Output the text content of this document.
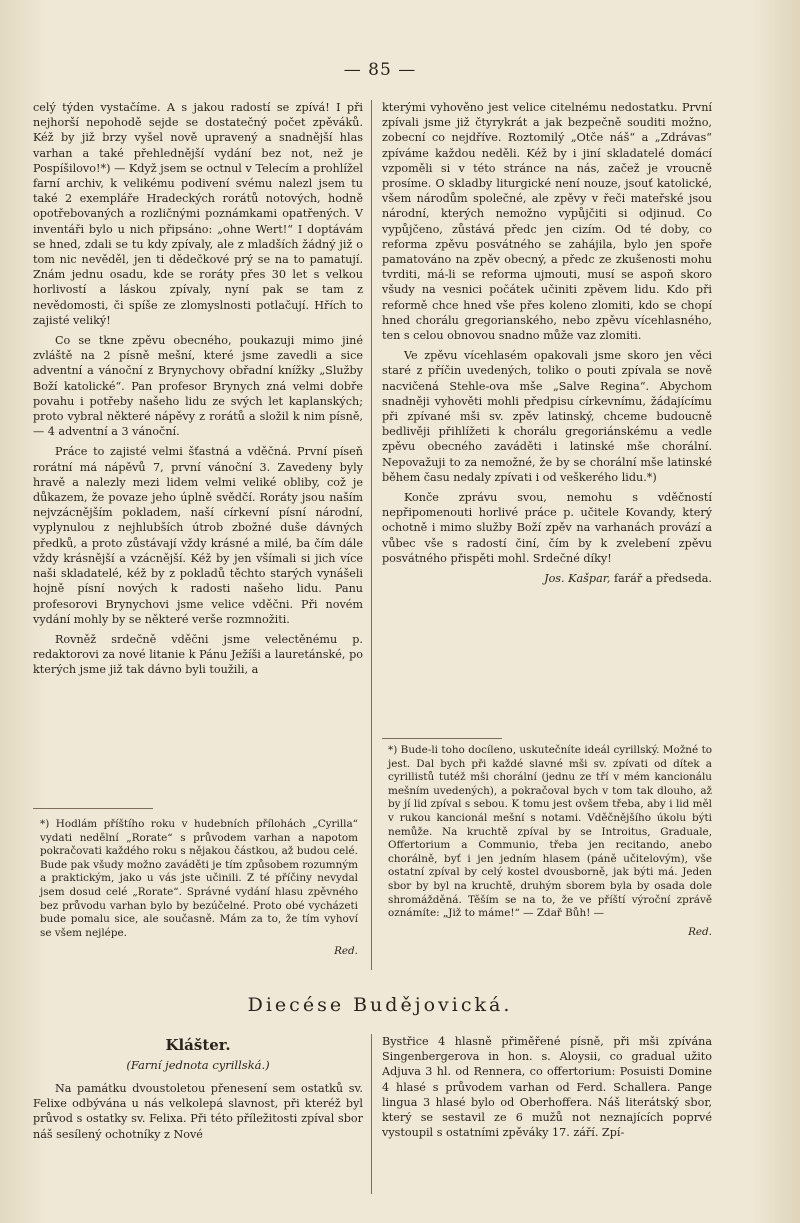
— 85 —

celý týden vystačíme. A s jakou radostí se zpívá! I při nejhorší nepohodě sejde se dostatečný počet zpěváků. Kéž by již brzy vyšel nově upravený a snadnější hlas varhan a také přehlednější vydání bez not, než je Pospíšilovo!*) — Když jsem se octnul v Telecím a prohlížel farní archiv, k velikému podivení svému nalezl jsem tu také 2 exempláře Hradeckých rorátů notových, hodně opotřebovaných a rozličnými poznámkami opatřených. V inventáři bylo u nich připsáno: „ohne Wert!“ I doptávám se hned, zdali se tu kdy zpívaly, ale z mladších žádný již o tom nic nevěděl, jen ti dědečkové prý se na to pamatují. Znám jednu osadu, kde se roráty přes 30 let s velkou horlivostí a láskou zpívaly, nyní pak se tam z nevědomosti, či spíše ze zlomyslnosti potlačují. Hřích to zajisté veliký!

Co se tkne zpěvu obecného, poukazuji mimo jiné zvláště na 2 písně mešní, které jsme zavedli a sice adventní a vánoční z Brynychovy obřadní knížky „Služby Boží katolické“. Pan profesor Brynych zná velmi dobře povahu i potřeby našeho lidu ze svých let kaplanských; proto vybral některé nápěvy z rorátů a složil k nim písně, — 4 adventní a 3 vánoční.

Práce to zajisté velmi šťastná a vděčná. První píseň rorátní má nápěvů 7, první vánoční 3. Zavedeny byly hravě a nalezly mezi lidem velmi veliké obliby, což je důkazem, že povaze jeho úplně svědčí. Roráty jsou naším nejvzácnějším pokladem, naší církevní písní národní, vyplynulou z nejhlubších útrob zbožné duše dávných předků, a proto zůstávají vždy krásné a milé, ba čím dále vždy krásnější a vzácnější. Kéž by jen všímali si jich více naši skladatelé, kéž by z pokladů těchto starých vynášeli hojně písní nových k radosti našeho lidu. Panu profesorovi Brynychovi jsme velice vděčni. Při novém vydání mohly by se některé verše rozmnožiti.

Rovněž srdečně vděčni jsme velectěnému p. redaktorovi za nové litanie k Pánu Ježíši a lauretánské, po kterých jsme již tak dávno byli toužili, a

*) Hodlám příštího roku v hudebních přílohách „Cyrilla“ vydati nedělní „Rorate“ s průvodem varhan a napotom pokračovati každého roku s nějakou částkou, až budou celé. Bude pak všudy možno zaváděti je tím způsobem rozumným a praktickým, jako u vás jste učinili. Z té příčiny nevydal jsem dosud celé „Rorate“. Správné vydání hlasu zpěvného bez průvodu varhan bylo by bezúčelné. Proto obé vycházeti bude pomalu sice, ale současně. Mám za to, že tím vyhoví se všem nejlépe.

Red.

kterými vyhověno jest velice citelnému nedostatku. První zpívali jsme již čtyrykrát a jak bezpečně souditi možno, zobecní co nejdříve. Roztomilý „Otče náš“ a „Zdrávas“ zpíváme každou neděli. Kéž by i jiní skladatelé domácí vzpoměli si v této stránce na nás, začež je vroucně prosíme. O skladby liturgické není nouze, jsouť katolické, všem národům společné, ale zpěvy v řeči mateřské jsou národní, kterých nemožno vypůjčiti si odjinud. Co vypůjčeno, zůstává předc jen cizím. Od té doby, co reforma zpěvu posvátného se zahájila, bylo jen spoře pamatováno na zpěv obecný, a předc ze zkušenosti mohu tvrditi, má-li se reforma ujmouti, musí se aspoň skoro všudy na vesnici počátek učiniti zpěvem lidu. Kdo při reformě chce hned vše přes koleno zlomiti, kdo se chopí hned chorálu gregorianského, nebo zpěvu vícehlasného, ten s celou obnovou snadno může vaz zlomiti.

Ve zpěvu vícehlasém opakovali jsme skoro jen věci staré z příčin uvedených, toliko o pouti zpívala se nově nacvičená Stehle-ova mše „Salve Regina“. Abychom snadněji vyhověti mohli předpisu církevnímu, žádajícímu při zpívané mši sv. zpěv latinský, chceme budoucně bedlivěji přihlížeti k chorálu gregoriánskému a vedle zpěvu obecného zaváděti i latinské mše chorální. Nepovažuji to za nemožné, že by se chorální mše latinské během času nedaly zpívati i od veškerého lidu.*)

Konče zprávu svou, nemohu s vděčností nepřipomenouti horlivé práce p. učitele Kovandy, který ochotně i mimo služby Boží zpěv na varhanách provází a vůbec vše s radostí činí, čím by k zvelebení zpěvu posvátného přispěti mohl. Srdečné díky!

Jos. Kašpar, farář a předseda.

*) Bude-li toho docíleno, uskutečníte ideál cyrillský. Možné to jest. Dal bych při každé slavné mši sv. zpívati od dítek a cyrillistů tutéž mši chorální (jednu ze tří v mém kancionálu mešním uvedených), a pokračoval bych v tom tak dlouho, až by jí lid zpíval s sebou. K tomu jest ovšem třeba, aby i lid měl v rukou kancionál mešní s notami. Vděčnějšího úkolu býti nemůže. Na kruchtě zpíval by se Introitus, Graduale, Offertorium a Communio, třeba jen recitando, anebo chorálně, byť i jen jedním hlasem (páně učitelovým), vše ostatní zpíval by celý kostel dvousborně, jak býti má. Jeden sbor by byl na kruchtě, druhým sborem byla by osada dole shromážděná. Těším se na to, že ve příští výroční zprávě oznámíte: „Již to máme!“ — Zdař Bůh! —

Red.
Diecése Budějovická.
Klášter.
(Farní jednota cyrillská.)

Na památku dvoustoletou přenesení sem ostatků sv. Felixe odbývána u nás velkolepá slavnost, při kteréž byl průvod s ostatky sv. Felixa. Při této příležitosti zpíval sbor náš sesílený ochotníky z Nové

Bystřice 4 hlasně přiměřené písně, při mši zpívána Singenbergerova in hon. s. Aloysii, co gradual užito Adjuva 3 hl. od Rennera, co offertorium: Posuisti Domine 4 hlasé s průvodem varhan od Ferd. Schallera. Pange lingua 3 hlasé bylo od Oberhoffera. Náš literátský sbor, který se sestavil ze 6 mužů not neznajících poprvé vystoupil s ostatními zpěváky 17. září. Zpí-
